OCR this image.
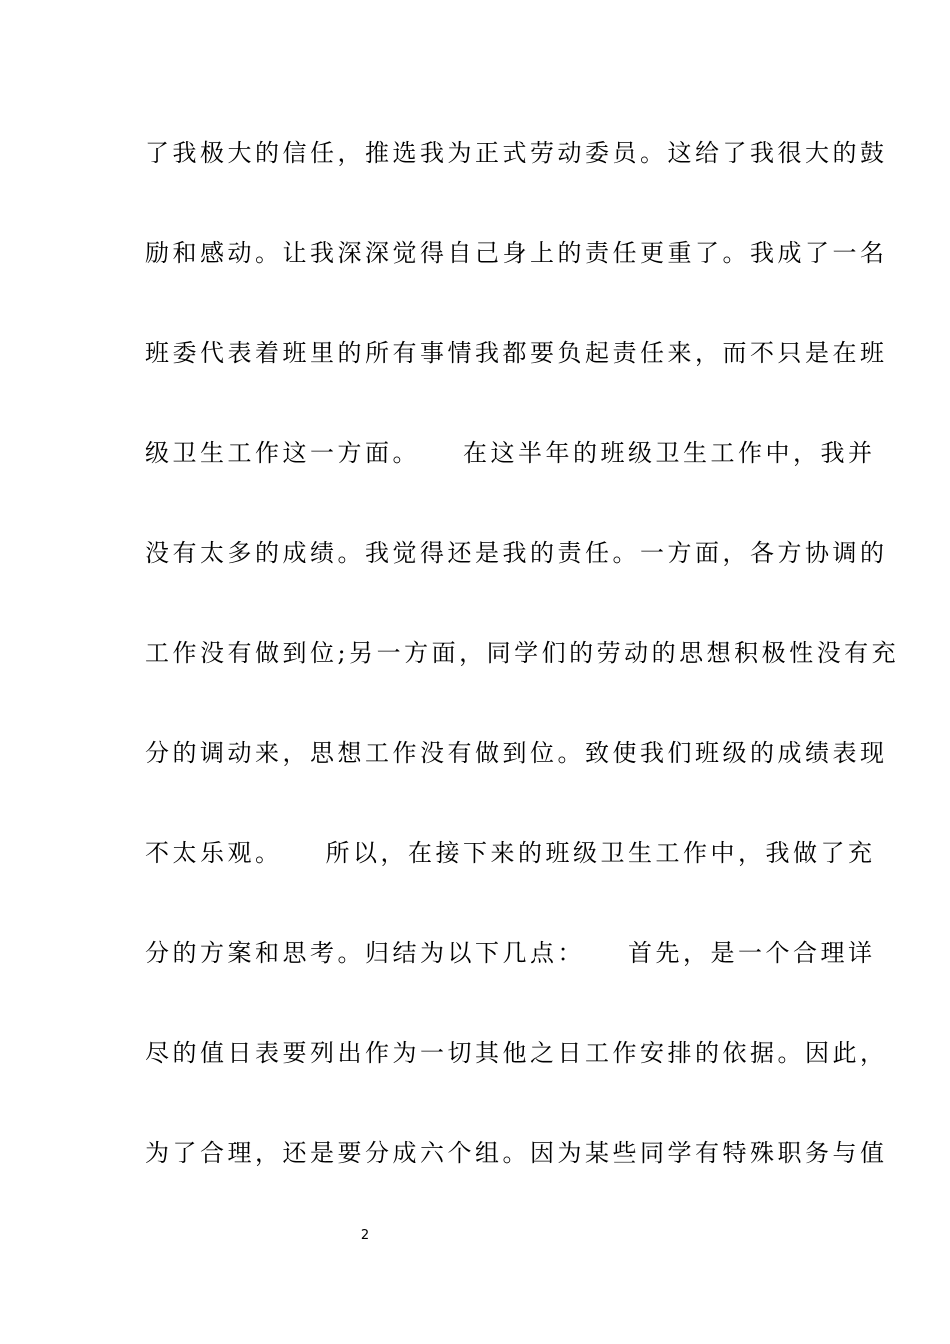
了我极大的信任，推选我为正式劳动委员。这给了我很大的鼓
励和感动。让我深深觉得自己身上的责任更重了。我成了一名
班委代表着班里的所有事情我都要负起责任来，而不只是在班
级卫生工作这一方面。　　在这半年的班级卫生工作中，我并
没有太多的成绩。我觉得还是我的责任。一方面，各方协调的
工作没有做到位;另一方面，同学们的劳动的思想积极性没有充
分的调动来，思想工作没有做到位。致使我们班级的成绩表现
不太乐观。　　所以，在接下来的班级卫生工作中，我做了充
分的方案和思考。归结为以下几点：　　首先，是一个合理详
尽的值日表要列出作为一切其他之日工作安排的依据。因此，
为了合理，还是要分成六个组。因为某些同学有特殊职务与值
2
